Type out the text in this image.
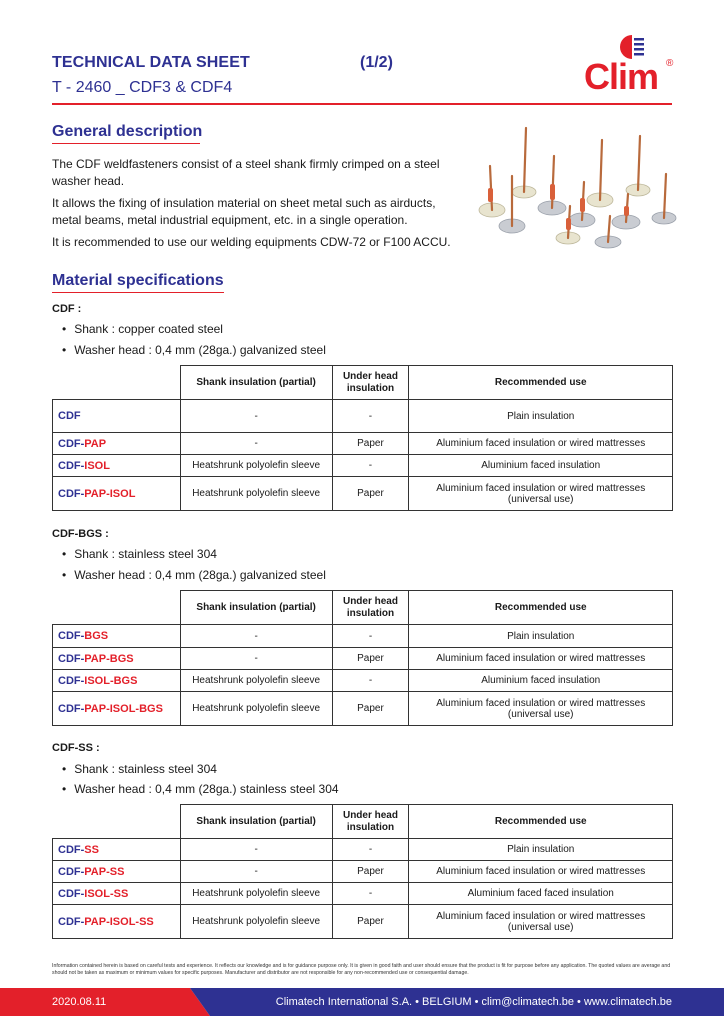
TECHNICAL DATA SHEET	(1/2)
T - 2460 _ CDF3 & CDF4	Clim ®
General description
The CDF weldfasteners consist of a steel shank firmly crimped on a steel washer head.
It allows the fixing of insulation material on sheet metal such as airducts, metal beams, metal industrial equipment, etc. in a single operation.
It is recommended to use our welding equipments CDW-72 or F100 ACCU.
Material specifications
CDF :
• Shank : copper coated steel
• Washer head : 0,4 mm (28ga.) galvanized steel
	Shank insulation (partial)	Under head insulation	Recommended use
CDF	-	-	Plain insulation
CDF-PAP	-	Paper	Aluminium faced insulation or wired mattresses
CDF-ISOL	Heatshrunk polyolefin sleeve	-	Aluminium faced insulation
CDF-PAP-ISOL	Heatshrunk polyolefin sleeve	Paper	Aluminium faced insulation or wired mattresses (universal use)
CDF-BGS :
• Shank : stainless steel 304
• Washer head : 0,4 mm (28ga.) galvanized steel
	Shank insulation (partial)	Under head insulation	Recommended use
CDF-BGS	-	-	Plain insulation
CDF-PAP-BGS	-	Paper	Aluminium faced insulation or wired mattresses
CDF-ISOL-BGS	Heatshrunk polyolefin sleeve	-	Aluminium faced insulation
CDF-PAP-ISOL-BGS	Heatshrunk polyolefin sleeve	Paper	Aluminium faced insulation or wired mattresses (universal use)
CDF-SS :
• Shank : stainless steel 304
• Washer head : 0,4 mm (28ga.) stainless steel 304
	Shank insulation (partial)	Under head insulation	Recommended use
CDF-SS	-	-	Plain insulation
CDF-PAP-SS	-	Paper	Aluminium faced insulation or wired mattresses
CDF-ISOL-SS	Heatshrunk polyolefin sleeve	-	Aluminium faced faced insulation
CDF-PAP-ISOL-SS	Heatshrunk polyolefin sleeve	Paper	Aluminium faced insulation or wired mattresses (universal use)
Information contained herein is based on careful tests and experience. It reflects our knowledge and is for guidance purpose only. It is given in good faith and user should ensure that the product is fit for purpose before any application. The quoted values are average and should not be taken as maximum or minimum values for specific purposes. Manufacturer and distributor are not responsible for any non-recommended use or consequential damage.
2020.08.11	Climatech International S.A. • BELGIUM • clim@climatech.be • www.climatech.be
